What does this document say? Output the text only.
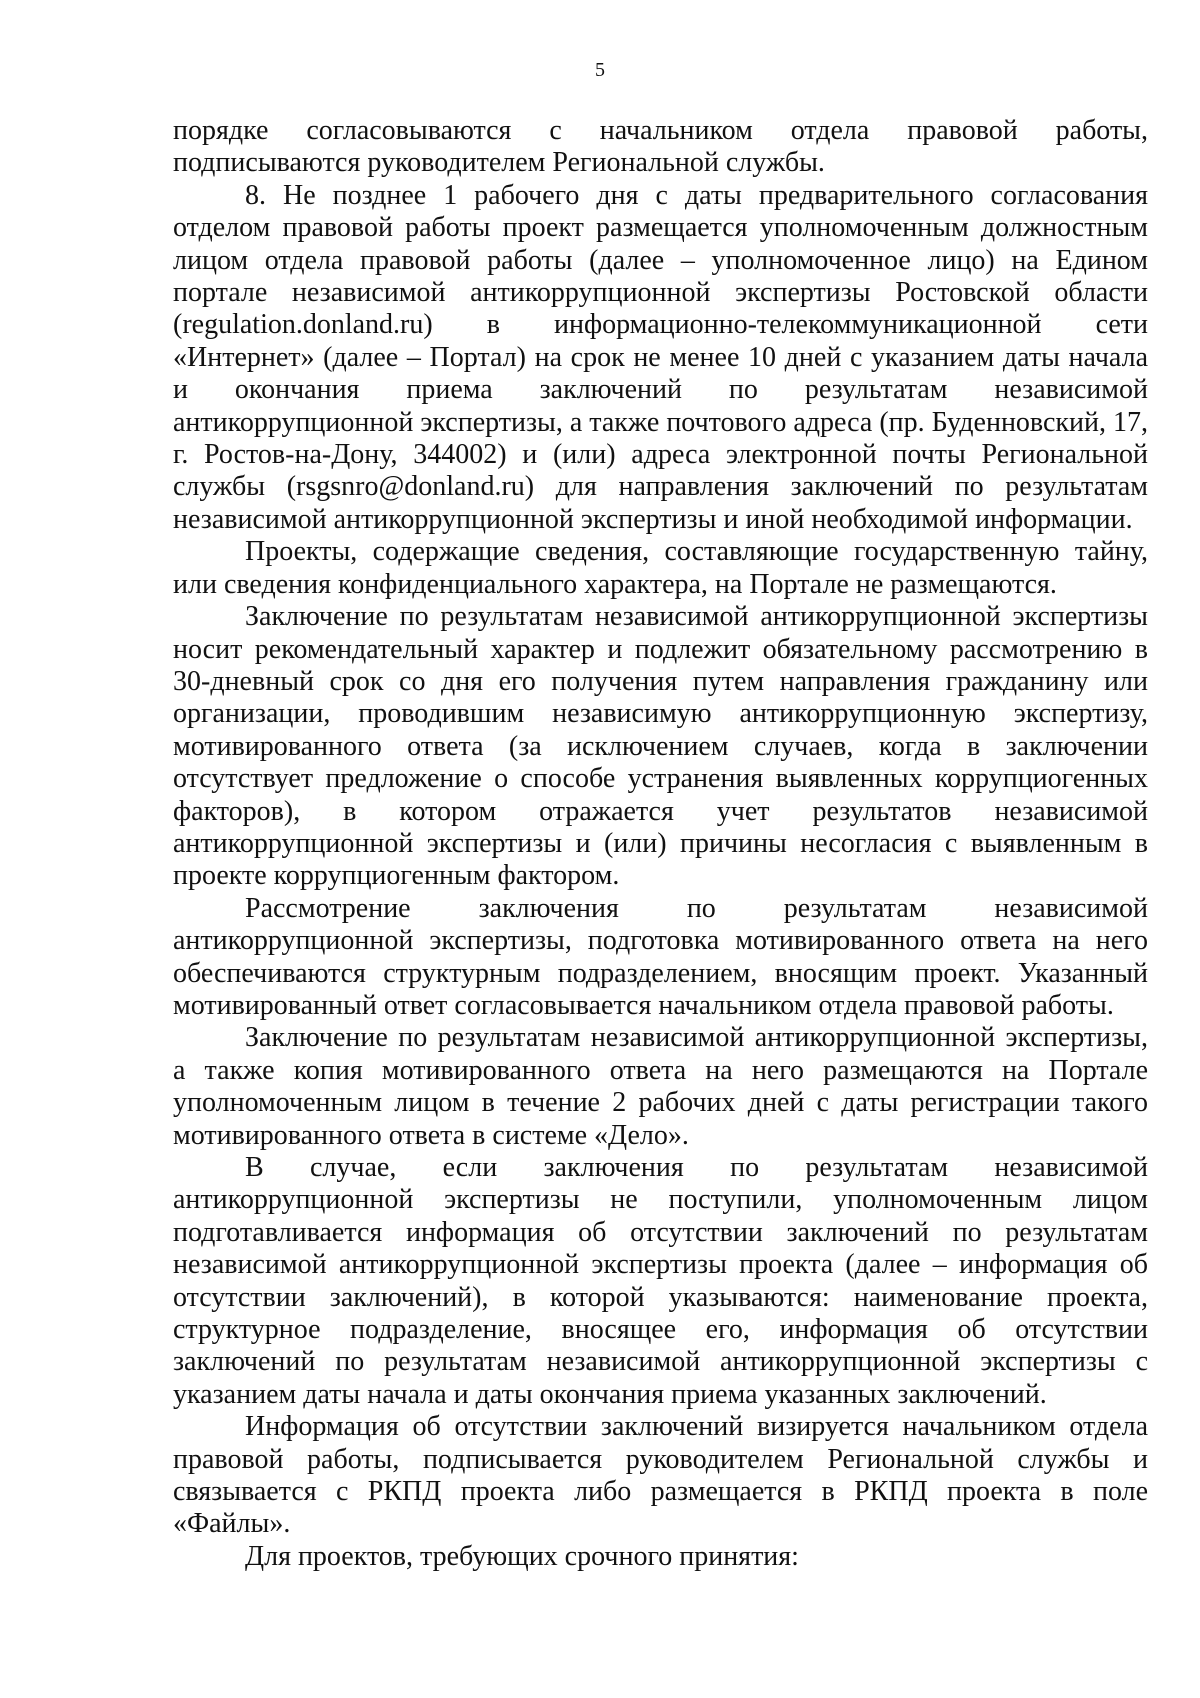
5

порядке согласовываются с начальником отдела правовой работы, подписываются руководителем Региональной службы.

8. Не позднее 1 рабочего дня с даты предварительного согласования отделом правовой работы проект размещается уполномоченным должностным лицом отдела правовой работы (далее – уполномоченное лицо) на Едином портале независимой антикоррупционной экспертизы Ростовской области (regulation.donland.ru) в информационно-телекоммуникационной сети «Интернет» (далее – Портал) на срок не менее 10 дней с указанием даты начала и окончания приема заключений по результатам независимой антикоррупционной экспертизы, а также почтового адреса (пр. Буденновский, 17, г. Ростов-на-Дону, 344002) и (или) адреса электронной почты Региональной службы (rsgsnro@donland.ru) для направления заключений по результатам независимой антикоррупционной экспертизы и иной необходимой информации.

Проекты, содержащие сведения, составляющие государственную тайну, или сведения конфиденциального характера, на Портале не размещаются.

Заключение по результатам независимой антикоррупционной экспертизы носит рекомендательный характер и подлежит обязательному рассмотрению в 30-дневный срок со дня его получения путем направления гражданину или организации, проводившим независимую антикоррупционную экспертизу, мотивированного ответа (за исключением случаев, когда в заключении отсутствует предложение о способе устранения выявленных коррупциогенных факторов), в котором отражается учет результатов независимой антикоррупционной экспертизы и (или) причины несогласия с выявленным в проекте коррупциогенным фактором.

Рассмотрение заключения по результатам независимой антикоррупционной экспертизы, подготовка мотивированного ответа на него обеспечиваются структурным подразделением, вносящим проект. Указанный мотивированный ответ согласовывается начальником отдела правовой работы.

Заключение по результатам независимой антикоррупционной экспертизы, а также копия мотивированного ответа на него размещаются на Портале уполномоченным лицом в течение 2 рабочих дней с даты регистрации такого мотивированного ответа в системе «Дело».

В случае, если заключения по результатам независимой антикоррупционной экспертизы не поступили, уполномоченным лицом подготавливается информация об отсутствии заключений по результатам независимой антикоррупционной экспертизы проекта (далее – информация об отсутствии заключений), в которой указываются: наименование проекта, структурное подразделение, вносящее его, информация об отсутствии заключений по результатам независимой антикоррупционной экспертизы с указанием даты начала и даты окончания приема указанных заключений.

Информация об отсутствии заключений визируется начальником отдела правовой работы, подписывается руководителем Региональной службы и связывается с РКПД проекта либо размещается в РКПД проекта в поле «Файлы».

Для проектов, требующих срочного принятия:
